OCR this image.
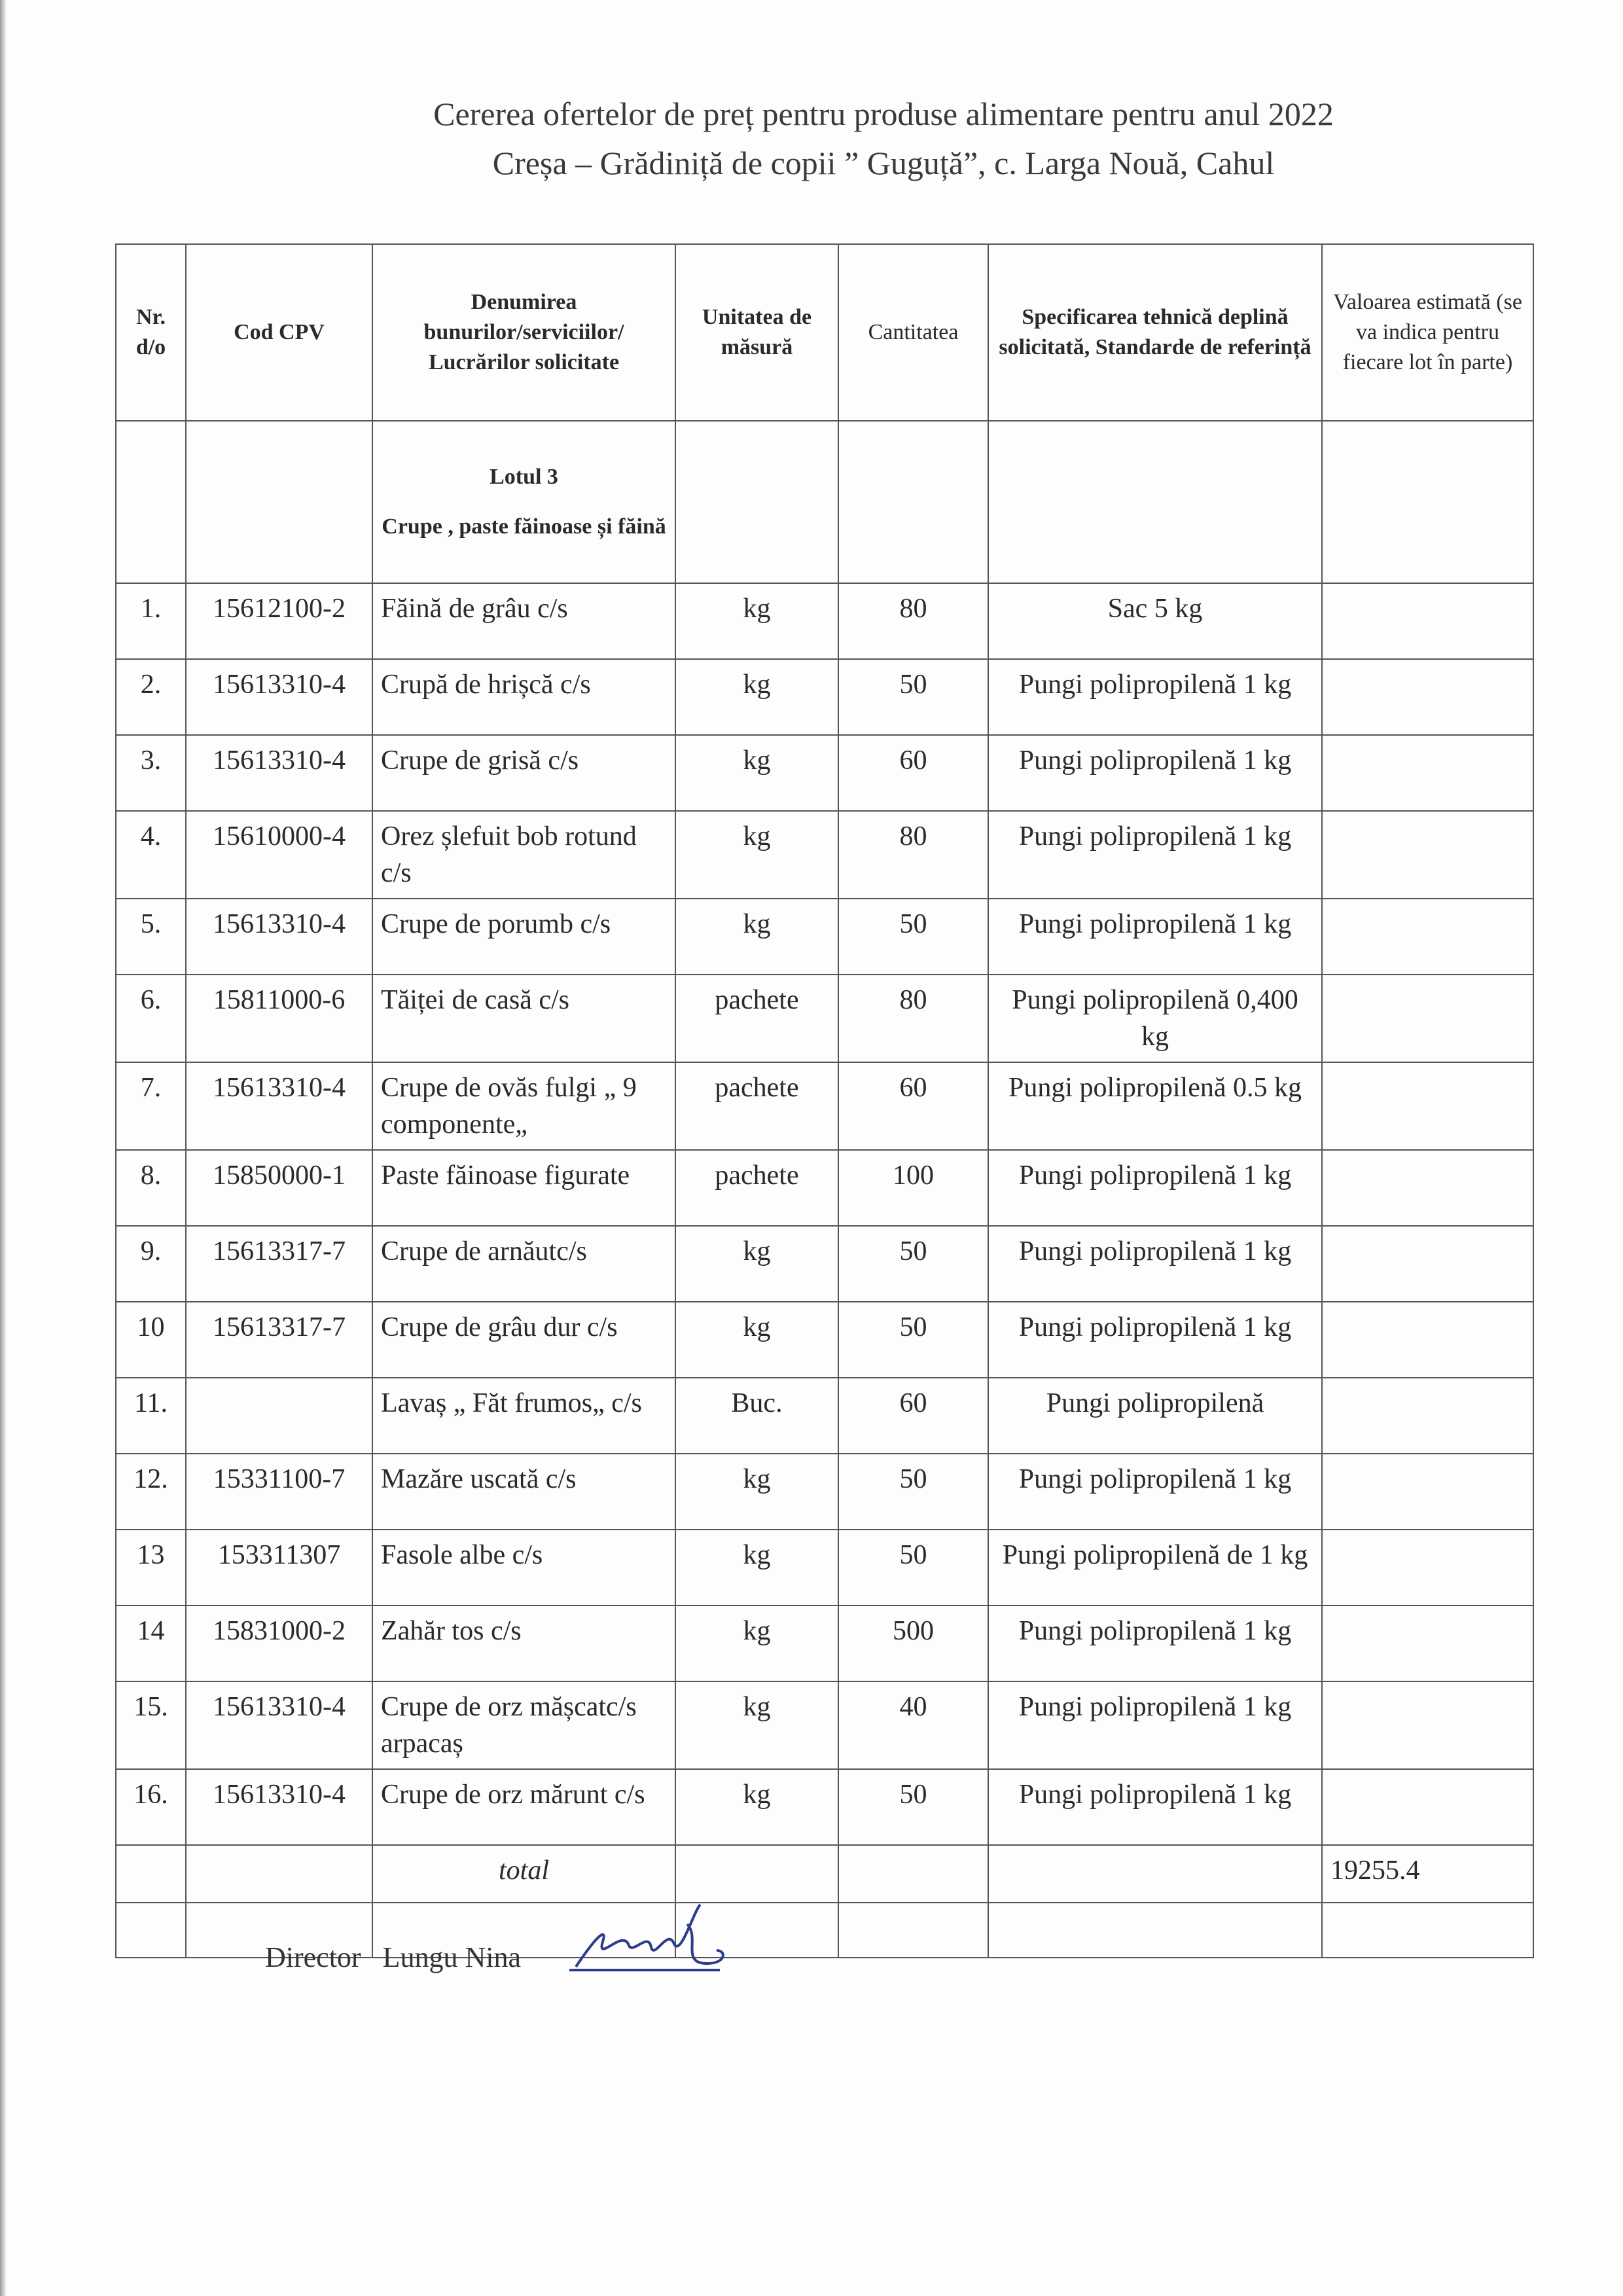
Cererea ofertelor de preț pentru produse alimentare pentru anul 2022
Creșa – Grădiniță de copii ” Guguță”, c. Larga Nouă, Cahul
Nr. d/o	Cod CPV	Denumirea bunurilor/serviciilor/ Lucrărilor solicitate	Unitatea de măsură	Cantitatea	Specificarea tehnică deplină solicitată, Standarde de referință	Valoarea estimată (se va indica pentru fiecare lot în parte)

		Lotul 3
Crupe , paste făinoase și făină				

1.	15612100-2	Făină de grâu c/s	kg	80	Sac 5 kg	
2.	15613310-4	Crupă de hrișcă c/s	kg	50	Pungi polipropilenă 1 kg	
3.	15613310-4	Crupe de grisă c/s	kg	60	Pungi polipropilenă 1 kg	
4.	15610000-4	Orez șlefuit bob rotund c/s	kg	80	Pungi polipropilenă 1 kg	
5.	15613310-4	Crupe de porumb c/s	kg	50	Pungi polipropilenă 1 kg	
6.	15811000-6	Tăiței de casă c/s	pachete	80	Pungi polipropilenă 0,400 kg	
7.	15613310-4	Crupe de ovăs fulgi „ 9 componente„	pachete	60	Pungi polipropilenă 0.5 kg	
8.	15850000-1	Paste făinoase figurate	pachete	100	Pungi polipropilenă 1 kg	
9.	15613317-7	Crupe de arnăutc/s	kg	50	Pungi polipropilenă 1 kg	
10	15613317-7	Crupe de grâu dur c/s	kg	50	Pungi polipropilenă 1 kg	
11.		Lavaș „ Făt frumos„ c/s	Buc.	60	Pungi polipropilenă	
12.	15331100-7	Mazăre uscată c/s	kg	50	Pungi polipropilenă 1 kg	
13	153311307	Fasole albe c/s	kg	50	Pungi polipropilenă de 1 kg	
14	15831000-2	Zahăr tos c/s	kg	500	Pungi polipropilenă 1 kg	
15.	15613310-4	Crupe de orz mășcatc/s arpacaș	kg	40	Pungi polipropilenă 1 kg	
16.	15613310-4	Crupe de orz mărunt c/s	kg	50	Pungi polipropilenă 1 kg	
		total				19255.4

Director Lungu Nina
